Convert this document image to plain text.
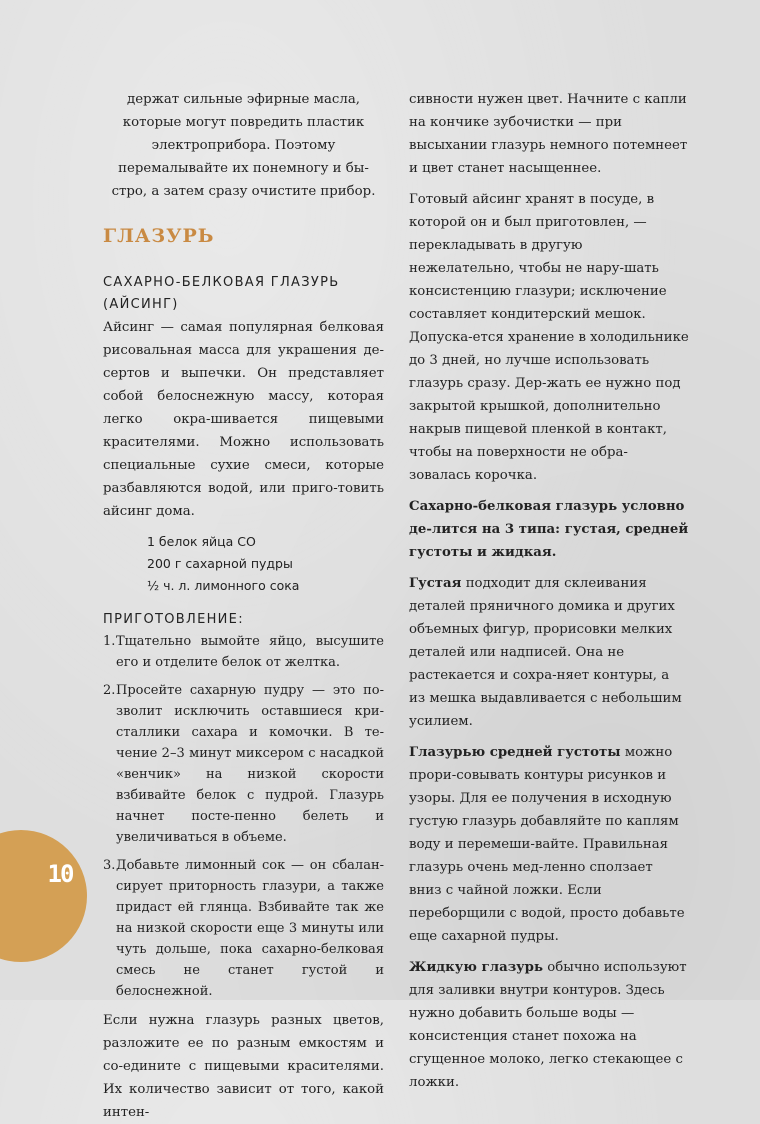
держат сильные эфирные масла, которые могут повредить пластик электроприбора. Поэтому перемалывайте их понемногу и бы-стро, а затем сразу очистите прибор.

ГЛАЗУРЬ
САХАРНО-БЕЛКОВАЯ ГЛАЗУРЬ (АЙСИНГ)

Айсинг — самая популярная белковая рисовальная масса для украшения де-сертов и выпечки. Он представляет собой белоснежную массу, которая легко окра-шивается пищевыми красителями. Можно использовать специальные сухие смеси, которые разбавляются водой, или приго-товить айсинг дома.

1 белок яйца СО
200 г сахарной пудры
½ ч. л. лимонного сока
ПРИГОТОВЛЕНИЕ:
1. Тщательно вымойте яйцо, высушите его и отделите белок от желтка.
2. Просейте сахарную пудру — это по-зволит исключить оставшиеся кри-сталлики сахара и комочки. В те-чение 2–3 минут миксером с насадкой «венчик» на низкой скорости взбивайте белок с пудрой. Глазурь начнет посте-пенно белеть и увеличиваться в объеме.
3. Добавьте лимонный сок — он сбалан-сирует приторность глазури, а также придаст ей глянца. Взбивайте так же на низкой скорости еще 3 минуты или чуть дольше, пока сахарно-белковая смесь не станет густой и белоснежной.

Если нужна глазурь разных цветов, разложите ее по разным емкостям и со-едините с пищевыми красителями. Их количество зависит от того, какой интен-

сивности нужен цвет. Начните с капли на кончике зубочистки — при высыхании глазурь немного потемнеет и цвет станет насыщеннее.

Готовый айсинг хранят в посуде, в которой он и был приготовлен, — перекладывать в другую нежелательно, чтобы не нару-шать консистенцию глазури; исключение составляет кондитерский мешок. Допуска-ется хранение в холодильнике до 3 дней, но лучше использовать глазурь сразу. Дер-жать ее нужно под закрытой крышкой, дополнительно накрыв пищевой пленкой в контакт, чтобы на поверхности не обра-зовалась корочка.

Сахарно-белковая глазурь условно де-лится на 3 типа: густая, средней густоты и жидкая.

Густая подходит для склеивания деталей пряничного домика и других объемных фигур, прорисовки мелких деталей или надписей. Она не растекается и сохра-няет контуры, а из мешка выдавливается с небольшим усилием.

Глазурью средней густоты можно прори-совывать контуры рисунков и узоры. Для ее получения в исходную густую глазурь добавляйте по каплям воду и перемеши-вайте. Правильная глазурь очень мед-ленно сползает вниз с чайной ложки. Если переборщили с водой, просто добавьте еще сахарной пудры.

Жидкую глазурь обычно используют для заливки внутри контуров. Здесь нужно добавить больше воды — консистенция станет похожа на сгущенное молоко, легко стекающее с ложки.

10
